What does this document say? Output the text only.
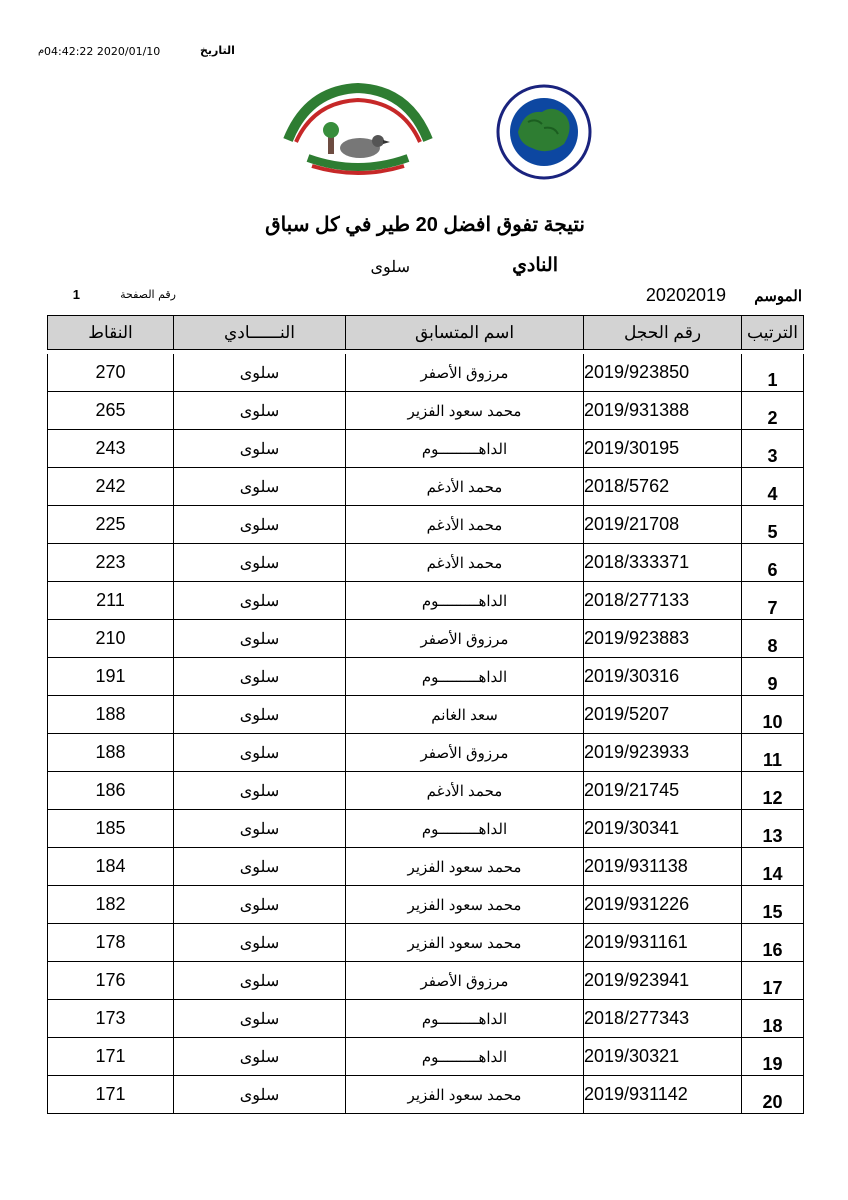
التاريخ
04:42:22 2020/01/10
م
نتيجة تفوق افضل 20 طير في كل سباق
النادي
سلوى
الموسم
20202019
رقم الصفحة
1
الترتيب	رقم الحجل	اسم المتسابق	النــــــادي	النقاط

1	2019/923850	مرزوق الأصفر	سلوى	270
2	2019/931388	محمد سعود الفزير	سلوى	265
3	2019/30195	الداهـــــــــوم	سلوى	243
4	2018/5762	محمد الأدغم	سلوى	242
5	2019/21708	محمد الأدغم	سلوى	225
6	2018/333371	محمد الأدغم	سلوى	223
7	2018/277133	الداهـــــــــوم	سلوى	211
8	2019/923883	مرزوق الأصفر	سلوى	210
9	2019/30316	الداهـــــــــوم	سلوى	191
10	2019/5207	سعد الغانم	سلوى	188
11	2019/923933	مرزوق الأصفر	سلوى	188
12	2019/21745	محمد الأدغم	سلوى	186
13	2019/30341	الداهـــــــــوم	سلوى	185
14	2019/931138	محمد سعود الفزير	سلوى	184
15	2019/931226	محمد سعود الفزير	سلوى	182
16	2019/931161	محمد سعود الفزير	سلوى	178
17	2019/923941	مرزوق الأصفر	سلوى	176
18	2018/277343	الداهـــــــــوم	سلوى	173
19	2019/30321	الداهـــــــــوم	سلوى	171
20	2019/931142	محمد سعود الفزير	سلوى	171
